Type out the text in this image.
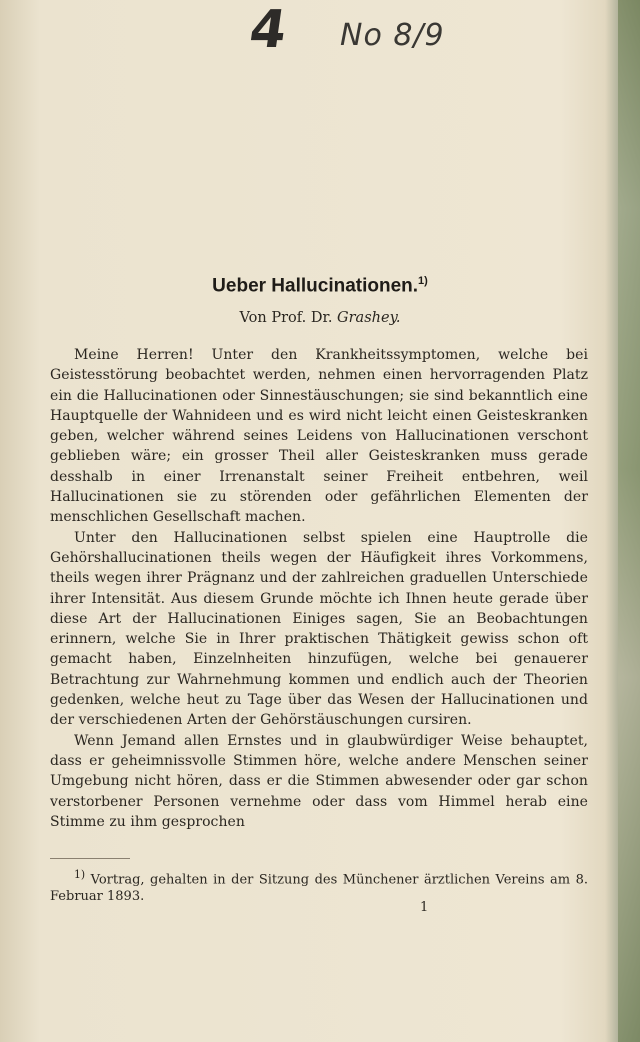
4 No 8/9
Ueber Hallucinationen.$^{1)}$
Von Prof. Dr. Grashey.

Meine Herren! Unter den Krankheitssymptomen, welche bei Geistesstörung beobachtet werden, nehmen einen hervorragenden Platz ein die Hallucinationen oder Sinnestäuschungen; sie sind bekanntlich eine Hauptquelle der Wahnideen und es wird nicht leicht einen Geisteskranken geben, welcher während seines Leidens von Hallucinationen verschont geblieben wäre; ein grosser Theil aller Geisteskranken muss gerade desshalb in einer Irrenanstalt seiner Freiheit entbehren, weil Hallucinationen sie zu störenden oder gefährlichen Elementen der menschlichen Gesellschaft machen.

Unter den Hallucinationen selbst spielen eine Hauptrolle die Gehörshallucinationen theils wegen der Häufigkeit ihres Vorkommens, theils wegen ihrer Prägnanz und der zahlreichen graduellen Unterschiede ihrer Intensität. Aus diesem Grunde möchte ich Ihnen heute gerade über diese Art der Hallucinationen Einiges sagen, Sie an Beobachtungen erinnern, welche Sie in Ihrer praktischen Thätigkeit gewiss schon oft gemacht haben, Einzelnheiten hinzufügen, welche bei genauerer Betrachtung zur Wahrnehmung kommen und endlich auch der Theorien gedenken, welche heut zu Tage über das Wesen der Hallucinationen und der verschiedenen Arten der Gehörstäuschungen cursiren.

Wenn Jemand allen Ernstes und in glaubwürdiger Weise behauptet, dass er geheimnissvolle Stimmen höre, welche andere Menschen seiner Umgebung nicht hören, dass er die Stimmen abwesender oder gar schon verstorbener Personen vernehme oder dass vom Himmel herab eine Stimme zu ihm gesprochen

$^{1)}$ Vortrag, gehalten in der Sitzung des Münchener ärztlichen Vereins am 8. Februar 1893.
1
